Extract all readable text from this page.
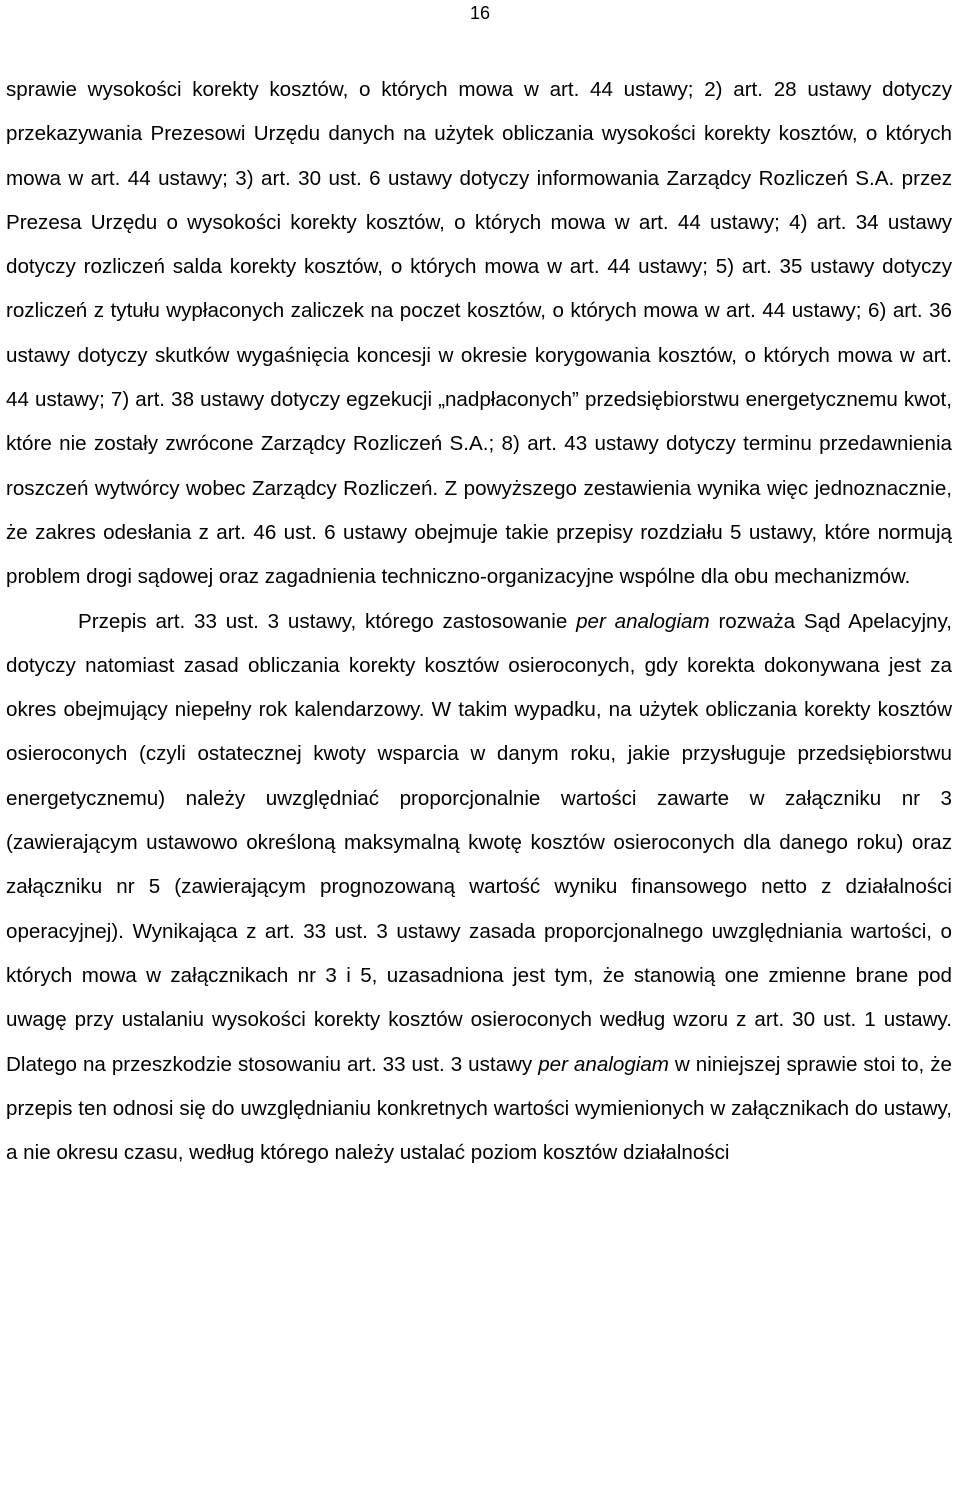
16

sprawie wysokości korekty kosztów, o których mowa w art. 44 ustawy; 2) art. 28 ustawy dotyczy przekazywania Prezesowi Urzędu danych na użytek obliczania wysokości korekty kosztów, o których mowa w art. 44 ustawy; 3) art. 30 ust. 6 ustawy dotyczy informowania Zarządcy Rozliczeń S.A. przez Prezesa Urzędu o wysokości korekty kosztów, o których mowa w art. 44 ustawy; 4) art. 34 ustawy dotyczy rozliczeń salda korekty kosztów, o których mowa w art. 44 ustawy; 5) art. 35 ustawy dotyczy rozliczeń z tytułu wypłaconych zaliczek na poczet kosztów, o których mowa w art. 44 ustawy; 6) art. 36 ustawy dotyczy skutków wygaśnięcia koncesji w okresie korygowania kosztów, o których mowa w art. 44 ustawy; 7) art. 38 ustawy dotyczy egzekucji „nadpłaconych” przedsiębiorstwu energetycznemu kwot, które nie zostały zwrócone Zarządcy Rozliczeń S.A.; 8) art. 43 ustawy dotyczy terminu przedawnienia roszczeń wytwórcy wobec Zarządcy Rozliczeń. Z powyższego zestawienia wynika więc jednoznacznie, że zakres odesłania z art. 46 ust. 6 ustawy obejmuje takie przepisy rozdziału 5 ustawy, które normują problem drogi sądowej oraz zagadnienia techniczno-organizacyjne wspólne dla obu mechanizmów.

Przepis art. 33 ust. 3 ustawy, którego zastosowanie per analogiam rozważa Sąd Apelacyjny, dotyczy natomiast zasad obliczania korekty kosztów osieroconych, gdy korekta dokonywana jest za okres obejmujący niepełny rok kalendarzowy. W takim wypadku, na użytek obliczania korekty kosztów osieroconych (czyli ostatecznej kwoty wsparcia w danym roku, jakie przysługuje przedsiębiorstwu energetycznemu) należy uwzględniać proporcjonalnie wartości zawarte w załączniku nr 3 (zawierającym ustawowo określoną maksymalną kwotę kosztów osieroconych dla danego roku) oraz załączniku nr 5 (zawierającym prognozowaną wartość wyniku finansowego netto z działalności operacyjnej). Wynikająca z art. 33 ust. 3 ustawy zasada proporcjonalnego uwzględniania wartości, o których mowa w załącznikach nr 3 i 5, uzasadniona jest tym, że stanowią one zmienne brane pod uwagę przy ustalaniu wysokości korekty kosztów osieroconych według wzoru z art. 30 ust. 1 ustawy. Dlatego na przeszkodzie stosowaniu art. 33 ust. 3 ustawy per analogiam w niniejszej sprawie stoi to, że przepis ten odnosi się do uwzględnianiu konkretnych wartości wymienionych w załącznikach do ustawy, a nie okresu czasu, według którego należy ustalać poziom kosztów działalności
